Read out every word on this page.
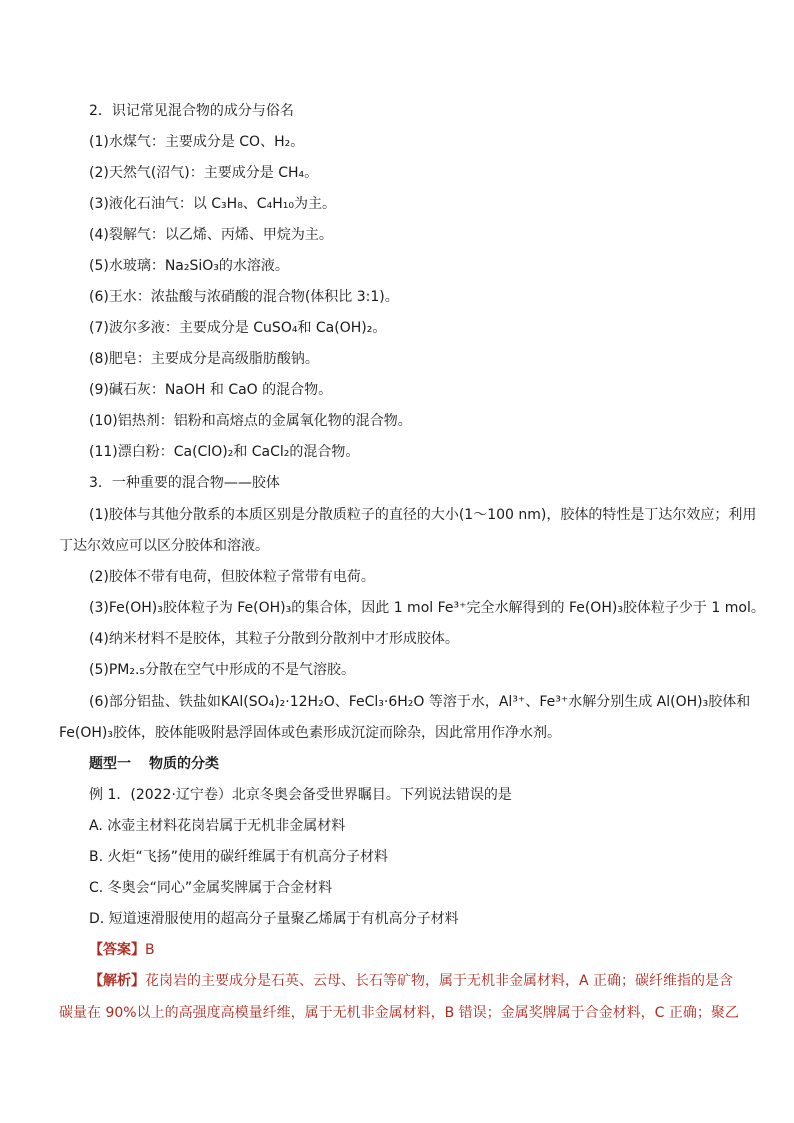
2．识记常见混合物的成分与俗名
(1)水煤气：主要成分是 CO、H₂。
(2)天然气(沼气)：主要成分是 CH₄。
(3)液化石油气：以 C₃H₈、C₄H₁₀为主。
(4)裂解气：以乙烯、丙烯、甲烷为主。
(5)水玻璃：Na₂SiO₃的水溶液。
(6)王水：浓盐酸与浓硝酸的混合物(体积比 3:1)。
(7)波尔多液：主要成分是 CuSO₄和 Ca(OH)₂。
(8)肥皂：主要成分是高级脂肪酸钠。
(9)碱石灰：NaOH 和 CaO 的混合物。
(10)铝热剂：铝粉和高熔点的金属氧化物的混合物。
(11)漂白粉：Ca(ClO)₂和 CaCl₂的混合物。
3．一种重要的混合物——胶体
(1)胶体与其他分散系的本质区别是分散质粒子的直径的大小(1～100 nm)，胶体的特性是丁达尔效应；利用
丁达尔效应可以区分胶体和溶液。
(2)胶体不带有电荷，但胶体粒子常带有电荷。
(3)Fe(OH)₃胶体粒子为 Fe(OH)₃的集合体，因此 1 mol Fe³⁺完全水解得到的 Fe(OH)₃胶体粒子少于 1 mol。
(4)纳米材料不是胶体，其粒子分散到分散剂中才形成胶体。
(5)PM₂.₅分散在空气中形成的不是气溶胶。
(6)部分铝盐、铁盐如KAl(SO₄)₂·12H₂O、FeCl₃·6H₂O 等溶于水，Al³⁺、Fe³⁺水解分别生成 Al(OH)₃胶体和
Fe(OH)₃胶体，胶体能吸附悬浮固体或色素形成沉淀而除杂，因此常用作净水剂。
题型一 物质的分类
例 1．(2022·辽宁卷）北京冬奥会备受世界瞩目。下列说法错误的是
A. 冰壶主材料花岗岩属于无机非金属材料
B. 火炬“飞扬”使用的碳纤维属于有机高分子材料
C. 冬奥会“同心”金属奖牌属于合金材料
D. 短道速滑服使用的超高分子量聚乙烯属于有机高分子材料
【答案】B
【解析】花岗岩的主要成分是石英、云母、长石等矿物，属于无机非金属材料，A 正确；碳纤维指的是含
碳量在 90%以上的高强度高模量纤维，属于无机非金属材料，B 错误；金属奖牌属于合金材料，C 正确；聚乙
